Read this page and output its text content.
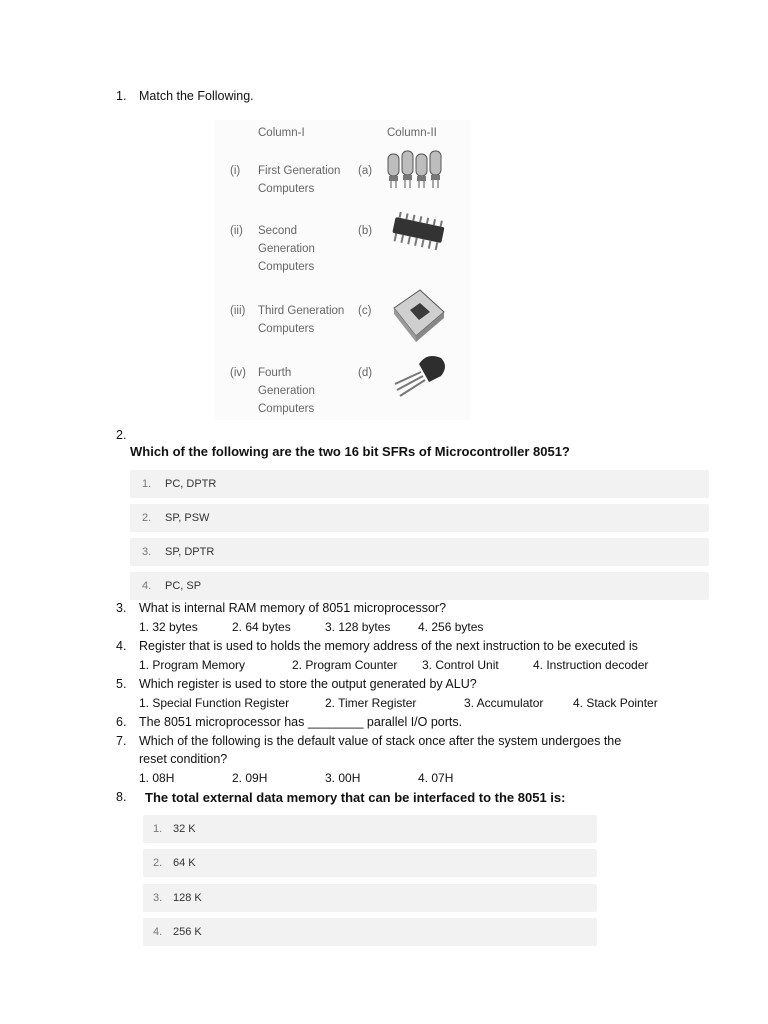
1. Match the Following.
Column-I	Column-II
(i) First Generation
Computers
(a)
(ii) Second
Generation
Computers
(b)
(iii) Third Generation
Computers
(c)
(iv) Fourth
Generation
Computers
(d)
2.
Which of the following are the two 16 bit SFRs of Microcontroller 8051?
1. PC, DPTR
2. SP, PSW
3. SP, DPTR
4. PC, SP
3. What is internal RAM memory of 8051 microprocessor?
1. 32 bytes	2. 64 bytes	3. 128 bytes 4. 256 bytes
4. Register that is used to holds the memory address of the next instruction to be executed is
1. Program Memory	2. Program Counter 3. Control Unit	4. Instruction decoder
5. Which register is used to store the output generated by ALU?
1. Special Function Register	2. Timer Register	3. Accumulator 4. Stack Pointer
6. The 8051 microprocessor has ________ parallel I/O ports.
7. Which of the following is the default value of stack once after the system undergoes the
reset condition?
1. 08H	2. 09H	3. 00H	4. 07H
8. The total external data memory that can be interfaced to the 8051 is:
1. 32 K
2. 64 K
3. 128 K
4. 256 K
